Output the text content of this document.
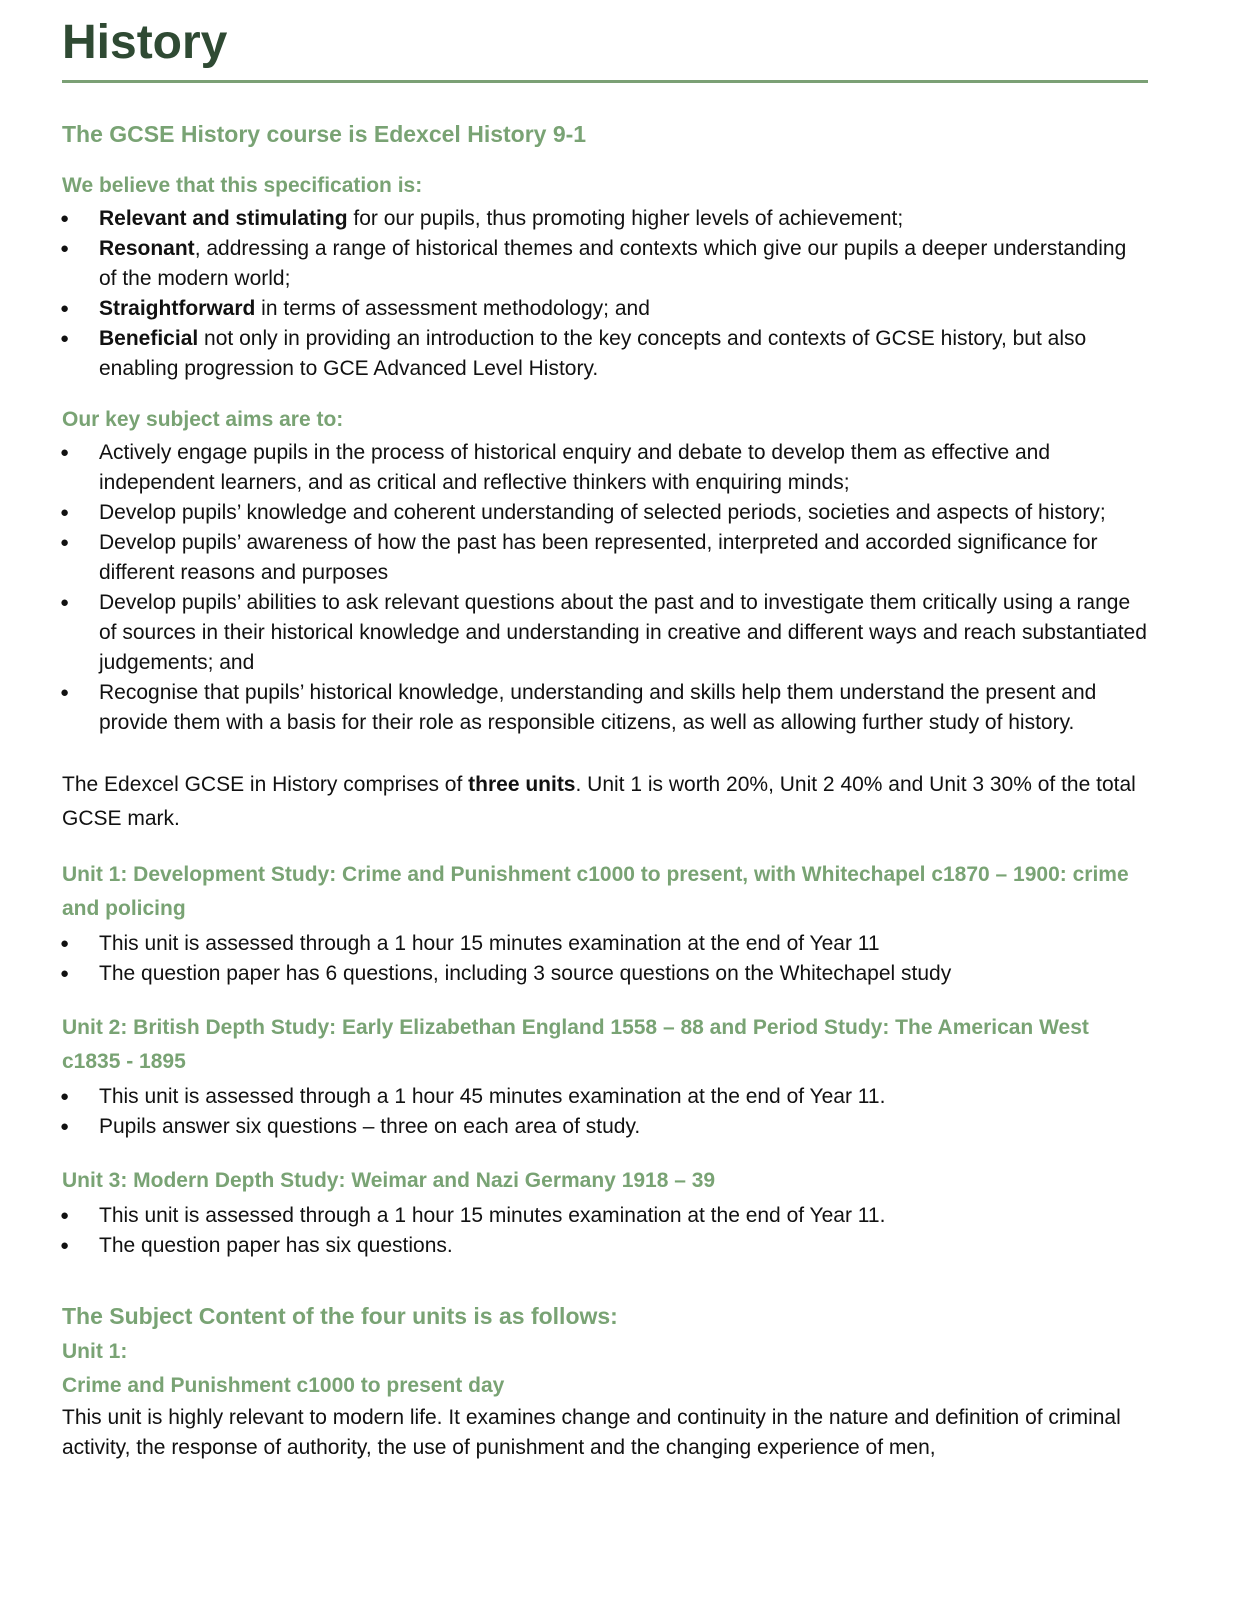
History
The GCSE History course is Edexcel History 9-1
We believe that this specification is:
● Relevant and stimulating for our pupils, thus promoting higher levels of achievement;
● Resonant, addressing a range of historical themes and contexts which give our pupils a deeper understanding of the modern world;
● Straightforward in terms of assessment methodology; and
● Beneficial not only in providing an introduction to the key concepts and contexts of GCSE history, but also enabling progression to GCE Advanced Level History.
Our key subject aims are to:
● Actively engage pupils in the process of historical enquiry and debate to develop them as effective and independent learners, and as critical and reflective thinkers with enquiring minds;
● Develop pupils’ knowledge and coherent understanding of selected periods, societies and aspects of history;
● Develop pupils’ awareness of how the past has been represented, interpreted and accorded significance for different reasons and purposes
● Develop pupils’ abilities to ask relevant questions about the past and to investigate them critically using a range of sources in their historical knowledge and understanding in creative and different ways and reach substantiated judgements; and
● Recognise that pupils’ historical knowledge, understanding and skills help them understand the present and provide them with a basis for their role as responsible citizens, as well as allowing further study of history.
The Edexcel GCSE in History comprises of three units. Unit 1 is worth 20%, Unit 2 40% and Unit 3 30% of the total GCSE mark.
Unit 1: Development Study: Crime and Punishment c1000 to present, with Whitechapel c1870 – 1900: crime and policing
● This unit is assessed through a 1 hour 15 minutes examination at the end of Year 11
● The question paper has 6 questions, including 3 source questions on the Whitechapel study
Unit 2: British Depth Study: Early Elizabethan England 1558 – 88 and Period Study: The American West c1835 - 1895
● This unit is assessed through a 1 hour 45 minutes examination at the end of Year 11.
● Pupils answer six questions – three on each area of study.
Unit 3: Modern Depth Study: Weimar and Nazi Germany 1918 – 39
● This unit is assessed through a 1 hour 15 minutes examination at the end of Year 11.
● The question paper has six questions.
The Subject Content of the four units is as follows:
Unit 1:
Crime and Punishment c1000 to present day
This unit is highly relevant to modern life. It examines change and continuity in the nature and definition of criminal activity, the response of authority, the use of punishment and the changing experience of men,
